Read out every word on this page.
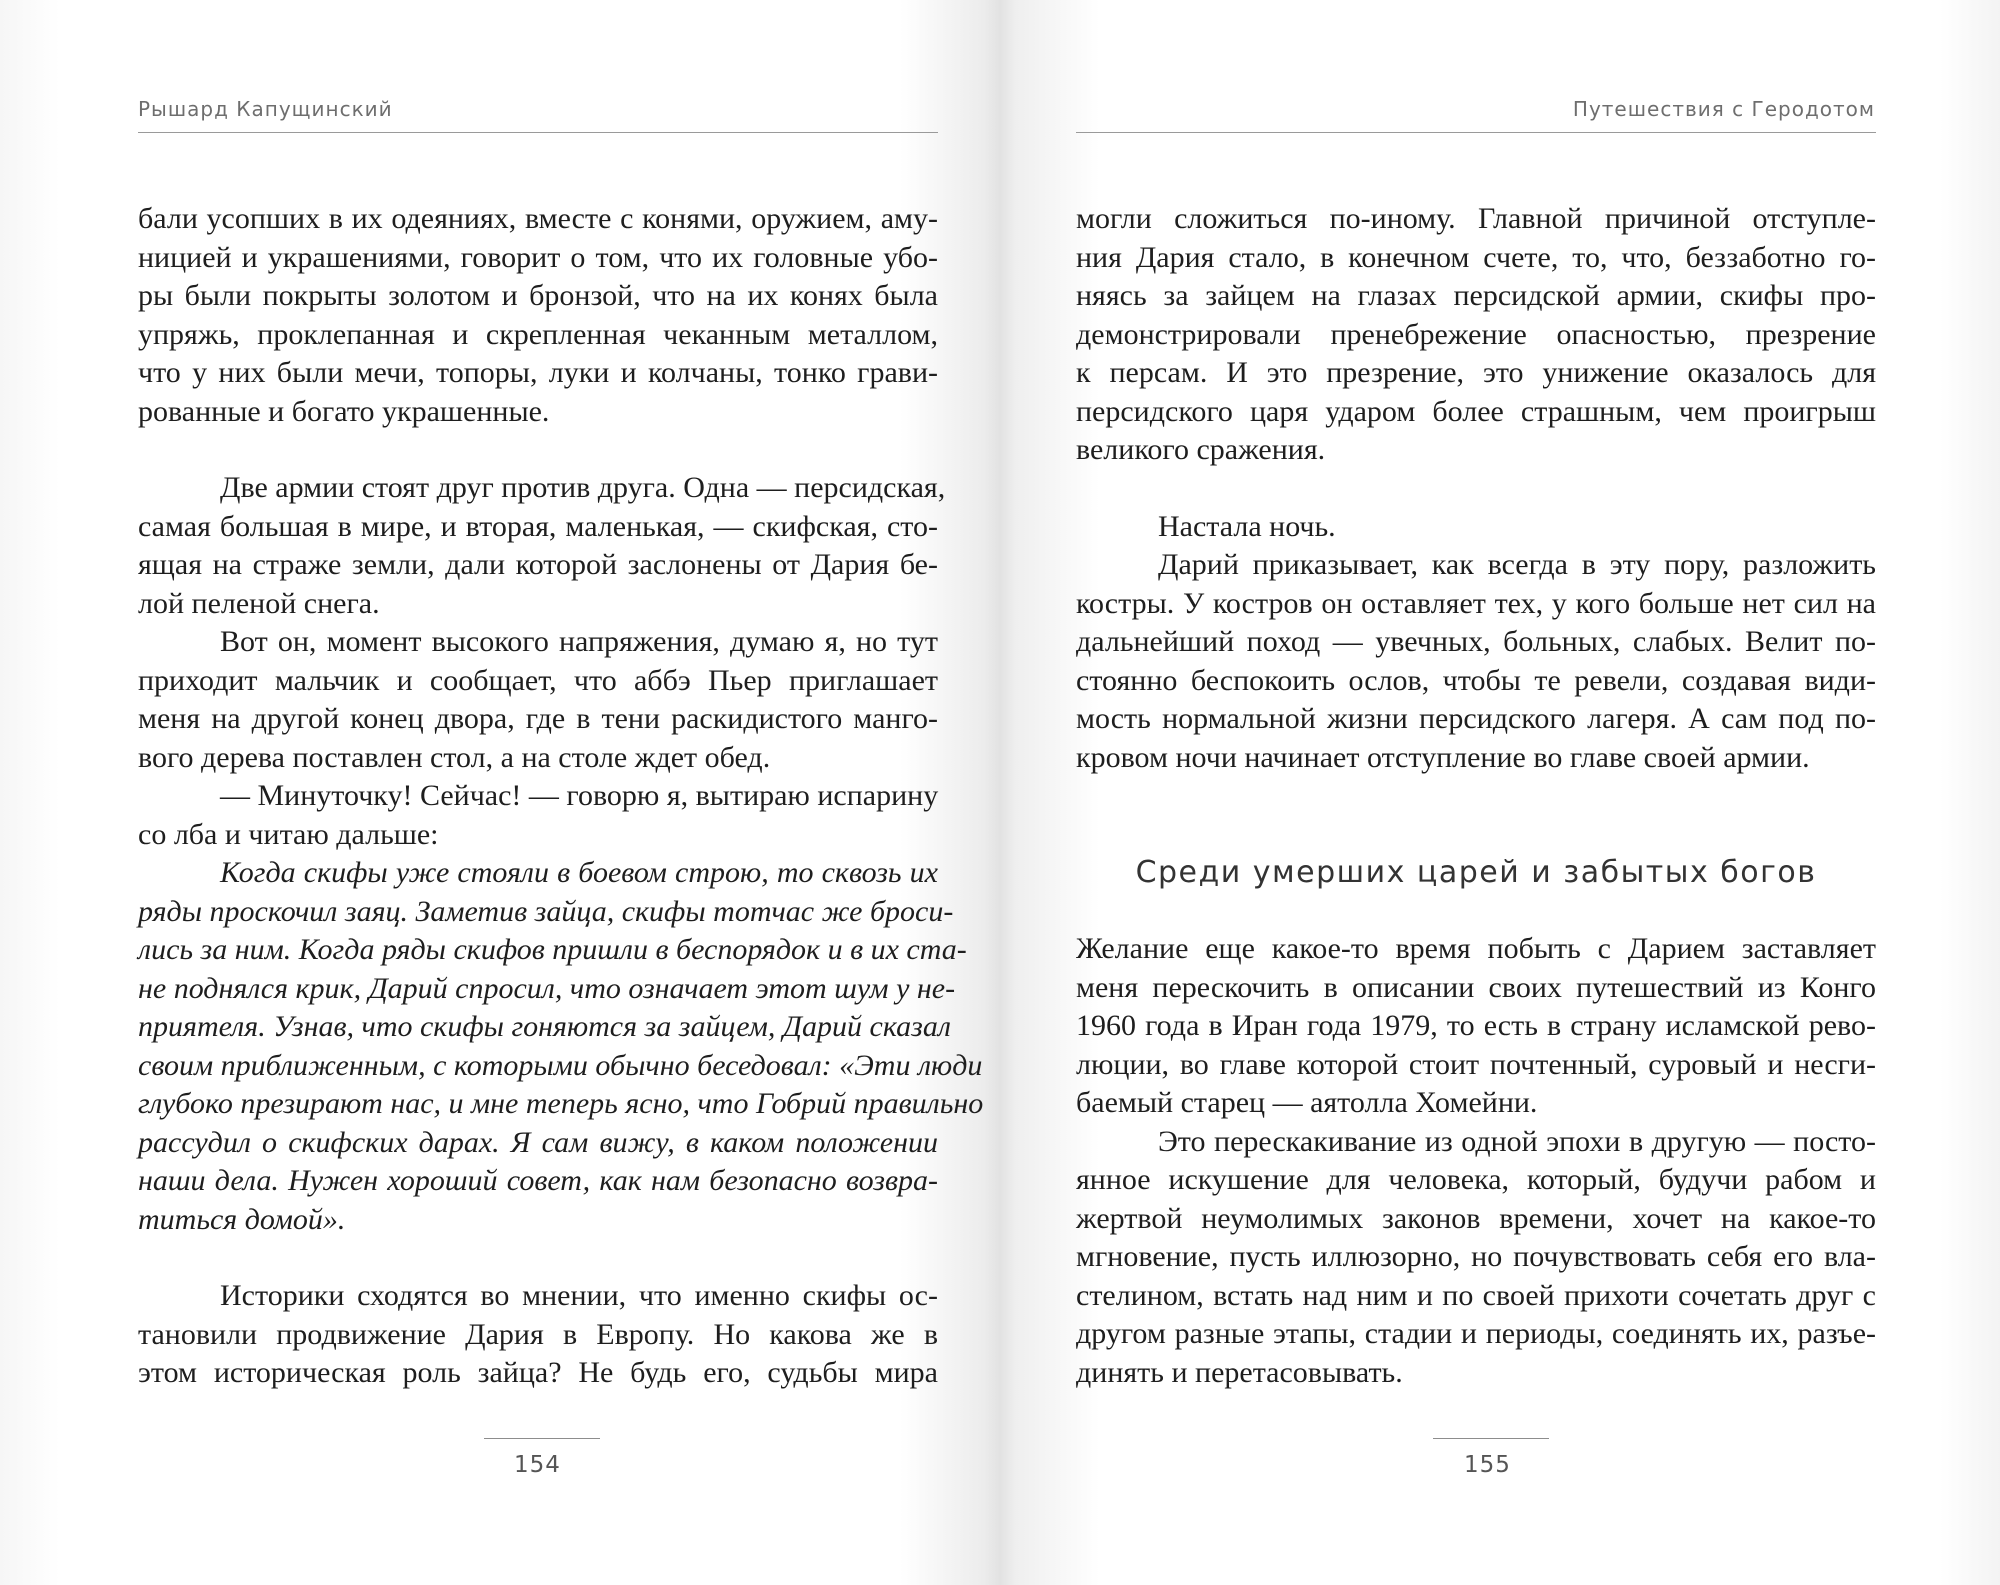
Рышард Капущинский
бали усопших в их одеяниях, вместе с конями, оружием, аму-
ницией и украшениями, говорит о том, что их головные убо-
ры были покрыты золотом и бронзой, что на их конях была
упряжь, проклепанная и скрепленная чеканным металлом,
что у них были мечи, топоры, луки и колчаны, тонко грави-
рованные и богато украшенные.
Две армии стоят друг против друга. Одна — персидская,
самая большая в мире, и вторая, маленькая, — скифская, сто-
ящая на страже земли, дали которой заслонены от Дария бе-
лой пеленой снега.
Вот он, момент высокого напряжения, думаю я, но тут
приходит мальчик и сообщает, что аббэ Пьер приглашает
меня на другой конец двора, где в тени раскидистого манго-
вого дерева поставлен стол, а на столе ждет обед.
— Минуточку! Сейчас! — говорю я, вытираю испарину
со лба и читаю дальше:
Когда скифы уже стояли в боевом строю, то сквозь их
ряды проскочил заяц. Заметив зайца, скифы тотчас же броси-
лись за ним. Когда ряды скифов пришли в беспорядок и в их ста-
не поднялся крик, Дарий спросил, что означает этот шум у не-
приятеля. Узнав, что скифы гоняются за зайцем, Дарий сказал
своим приближенным, с которыми обычно беседовал: «Эти люди
глубоко презирают нас, и мне теперь ясно, что Гобрий правильно
рассудил о скифских дарах. Я сам вижу, в каком положении
наши дела. Нужен хороший совет, как нам безопасно возвра-
титься домой».
Историки сходятся во мнении, что именно скифы ос-
тановили продвижение Дария в Европу. Но какова же в
этом историческая роль зайца? Не будь его, судьбы мира
154
Путешествия с Геродотом
могли сложиться по-иному. Главной причиной отступле-
ния Дария стало, в конечном счете, то, что, беззаботно го-
няясь за зайцем на глазах персидской армии, скифы про-
демонстрировали пренебрежение опасностью, презрение
к персам. И это презрение, это унижение оказалось для
персидского царя ударом более страшным, чем проигрыш
великого сражения.
Настала ночь.
Дарий приказывает, как всегда в эту пору, разложить
костры. У костров он оставляет тех, у кого больше нет сил на
дальнейший поход — увечных, больных, слабых. Велит по-
стоянно беспокоить ослов, чтобы те ревели, создавая види-
мость нормальной жизни персидского лагеря. А сам под по-
кровом ночи начинает отступление во главе своей армии.
Среди умерших царей и забытых богов
Желание еще какое-то время побыть с Дарием заставляет
меня перескочить в описании своих путешествий из Конго
1960 года в Иран года 1979, то есть в страну исламской рево-
люции, во главе которой стоит почтенный, суровый и несги-
баемый старец — аятолла Хомейни.
Это перескакивание из одной эпохи в другую — посто-
янное искушение для человека, который, будучи рабом и
жертвой неумолимых законов времени, хочет на какое-то
мгновение, пусть иллюзорно, но почувствовать себя его вла-
стелином, встать над ним и по своей прихоти сочетать друг с
другом разные этапы, стадии и периоды, соединять их, разъе-
динять и перетасовывать.
155
